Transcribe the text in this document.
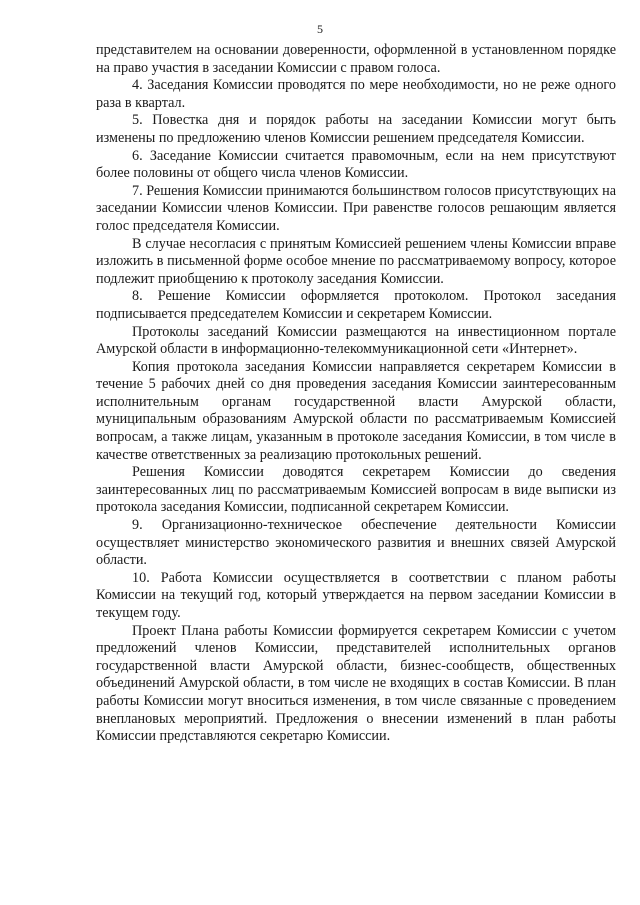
5

представителем на основании доверенности, оформленной в установленном порядке на право участия в заседании Комиссии с правом голоса.

4. Заседания Комиссии проводятся по мере необходимости, но не реже одного раза в квартал.

5. Повестка дня и порядок работы на заседании Комиссии могут быть изменены по предложению членов Комиссии решением председателя Комиссии.

6. Заседание Комиссии считается правомочным, если на нем присутствуют более половины от общего числа членов Комиссии.

7. Решения Комиссии принимаются большинством голосов присутствующих на заседании Комиссии членов Комиссии. При равенстве голосов решающим является голос председателя Комиссии.

В случае несогласия с принятым Комиссией решением члены Комиссии вправе изложить в письменной форме особое мнение по рассматриваемому вопросу, которое подлежит приобщению к протоколу заседания Комиссии.

8. Решение Комиссии оформляется протоколом. Протокол заседания подписывается председателем Комиссии и секретарем Комиссии.

Протоколы заседаний Комиссии размещаются на инвестиционном портале Амурской области в информационно-телекоммуникационной сети «Интернет».

Копия протокола заседания Комиссии направляется секретарем Комиссии в течение 5 рабочих дней со дня проведения заседания Комиссии заинтересованным исполнительным органам государственной власти Амурской области, муниципальным образованиям Амурской области по рассматриваемым Комиссией вопросам, а также лицам, указанным в протоколе заседания Комиссии, в том числе в качестве ответственных за реализацию протокольных решений.

Решения Комиссии доводятся секретарем Комиссии до сведения заинтересованных лиц по рассматриваемым Комиссией вопросам в виде выписки из протокола заседания Комиссии, подписанной секретарем Комиссии.

9. Организационно-техническое обеспечение деятельности Комиссии осуществляет министерство экономического развития и внешних связей Амурской области.

10. Работа Комиссии осуществляется в соответствии с планом работы Комиссии на текущий год, который утверждается на первом заседании Комиссии в текущем году.

Проект Плана работы Комиссии формируется секретарем Комиссии с учетом предложений членов Комиссии, представителей исполнительных органов государственной власти Амурской области, бизнес-сообществ, общественных объединений Амурской области, в том числе не входящих в состав Комиссии. В план работы Комиссии могут вноситься изменения, в том числе связанные с проведением внеплановых мероприятий. Предложения о внесении изменений в план работы Комиссии представляются секретарю Комиссии.
